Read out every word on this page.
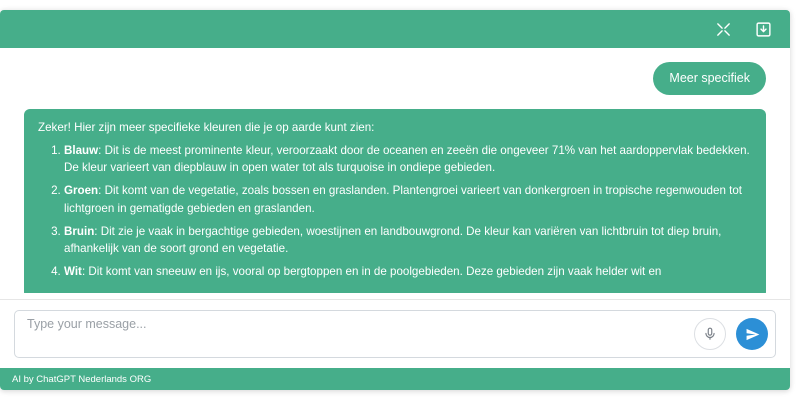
Meer specifiek

Zeker! Hier zijn meer specifieke kleuren die je op aarde kunt zien:

1. Blauw: Dit is de meest prominente kleur, veroorzaakt door de oceanen en zeeën die ongeveer 71% van het aardoppervlak bedekken. De kleur varieert van diepblauw in open water tot als turquoise in ondiepe gebieden.
2. Groen: Dit komt van de vegetatie, zoals bossen en graslanden. Plantengroei varieert van donkergroen in tropische regenwouden tot lichtgroen in gematigde gebieden en graslanden.
3. Bruin: Dit zie je vaak in bergachtige gebieden, woestijnen en landbouwgrond. De kleur kan variëren van lichtbruin tot diep bruin, afhankelijk van de soort grond en vegetatie.
4. Wit: Dit komt van sneeuw en ijs, vooral op bergtoppen en in de poolgebieden. Deze gebieden zijn vaak helder wit en
Type your message...
AI by ChatGPT Nederlands ORG
